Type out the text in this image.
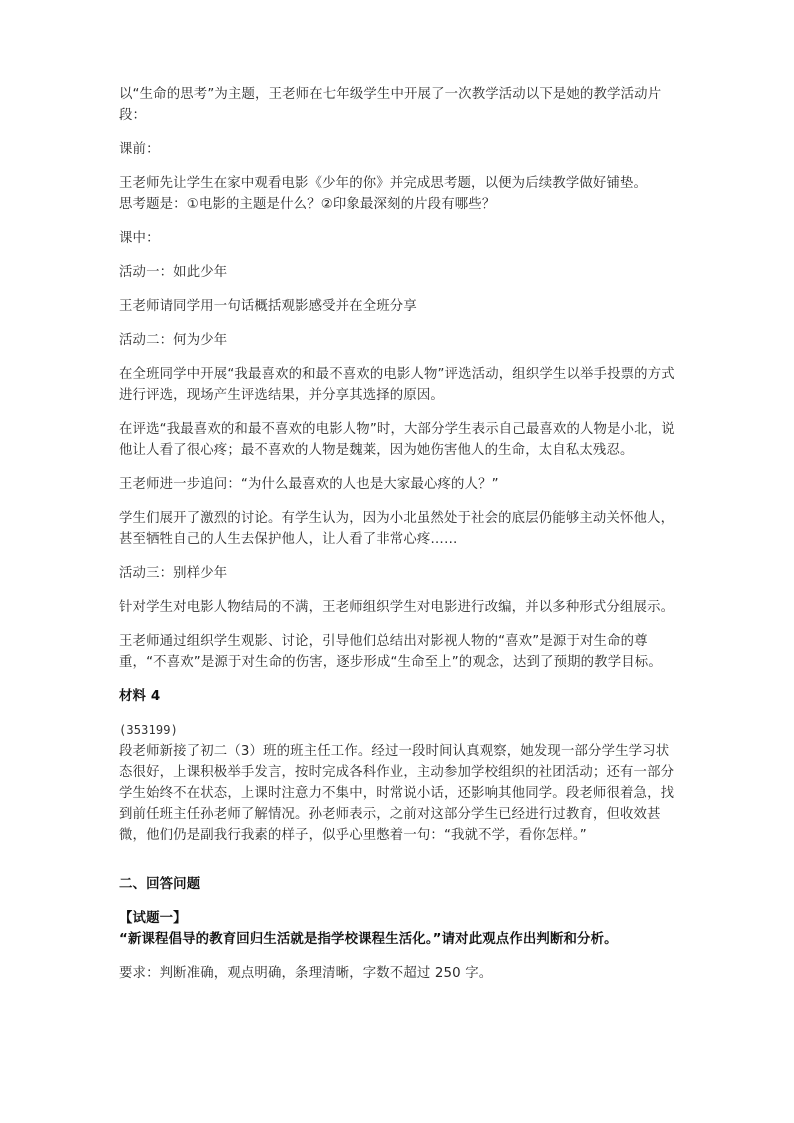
以“生命的思考”为主题，王老师在七年级学生中开展了一次教学活动以下是她的教学活动片段：

课前：

王老师先让学生在家中观看电影《少年的你》并完成思考题，以便为后续教学做好铺垫。

思考题是：①电影的主题是什么？②印象最深刻的片段有哪些？

课中：

活动一：如此少年

王老师请同学用一句话概括观影感受并在全班分享

活动二：何为少年

在全班同学中开展“我最喜欢的和最不喜欢的电影人物”评选活动，组织学生以举手投票的方式进行评选，现场产生评选结果，并分享其选择的原因。

在评选“我最喜欢的和最不喜欢的电影人物”时，大部分学生表示自己最喜欢的人物是小北，说他让人看了很心疼；最不喜欢的人物是魏莱，因为她伤害他人的生命，太自私太残忍。

王老师进一步追问：“为什么最喜欢的人也是大家最心疼的人？”

学生们展开了激烈的讨论。有学生认为，因为小北虽然处于社会的底层仍能够主动关怀他人，甚至牺牲自己的人生去保护他人，让人看了非常心疼……

活动三：别样少年

针对学生对电影人物结局的不满，王老师组织学生对电影进行改编，并以多种形式分组展示。

王老师通过组织学生观影、讨论，引导他们总结出对影视人物的“喜欢”是源于对生命的尊重，“不喜欢”是源于对生命的伤害，逐步形成“生命至上”的观念，达到了预期的教学目标。

材料 4

(353199)

段老师新接了初二（3）班的班主任工作。经过一段时间认真观察，她发现一部分学生学习状态很好，上课积极举手发言，按时完成各科作业，主动参加学校组织的社团活动；还有一部分学生始终不在状态，上课时注意力不集中，时常说小话，还影响其他同学。段老师很着急，找到前任班主任孙老师了解情况。孙老师表示，之前对这部分学生已经进行过教育，但收效甚微，他们仍是副我行我素的样子，似乎心里憋着一句：“我就不学，看你怎样。”

二、回答问题

【试题一】

“新课程倡导的教育回归生活就是指学校课程生活化。”请对此观点作出判断和分析。

要求：判断准确，观点明确，条理清晰，字数不超过 250 字。
